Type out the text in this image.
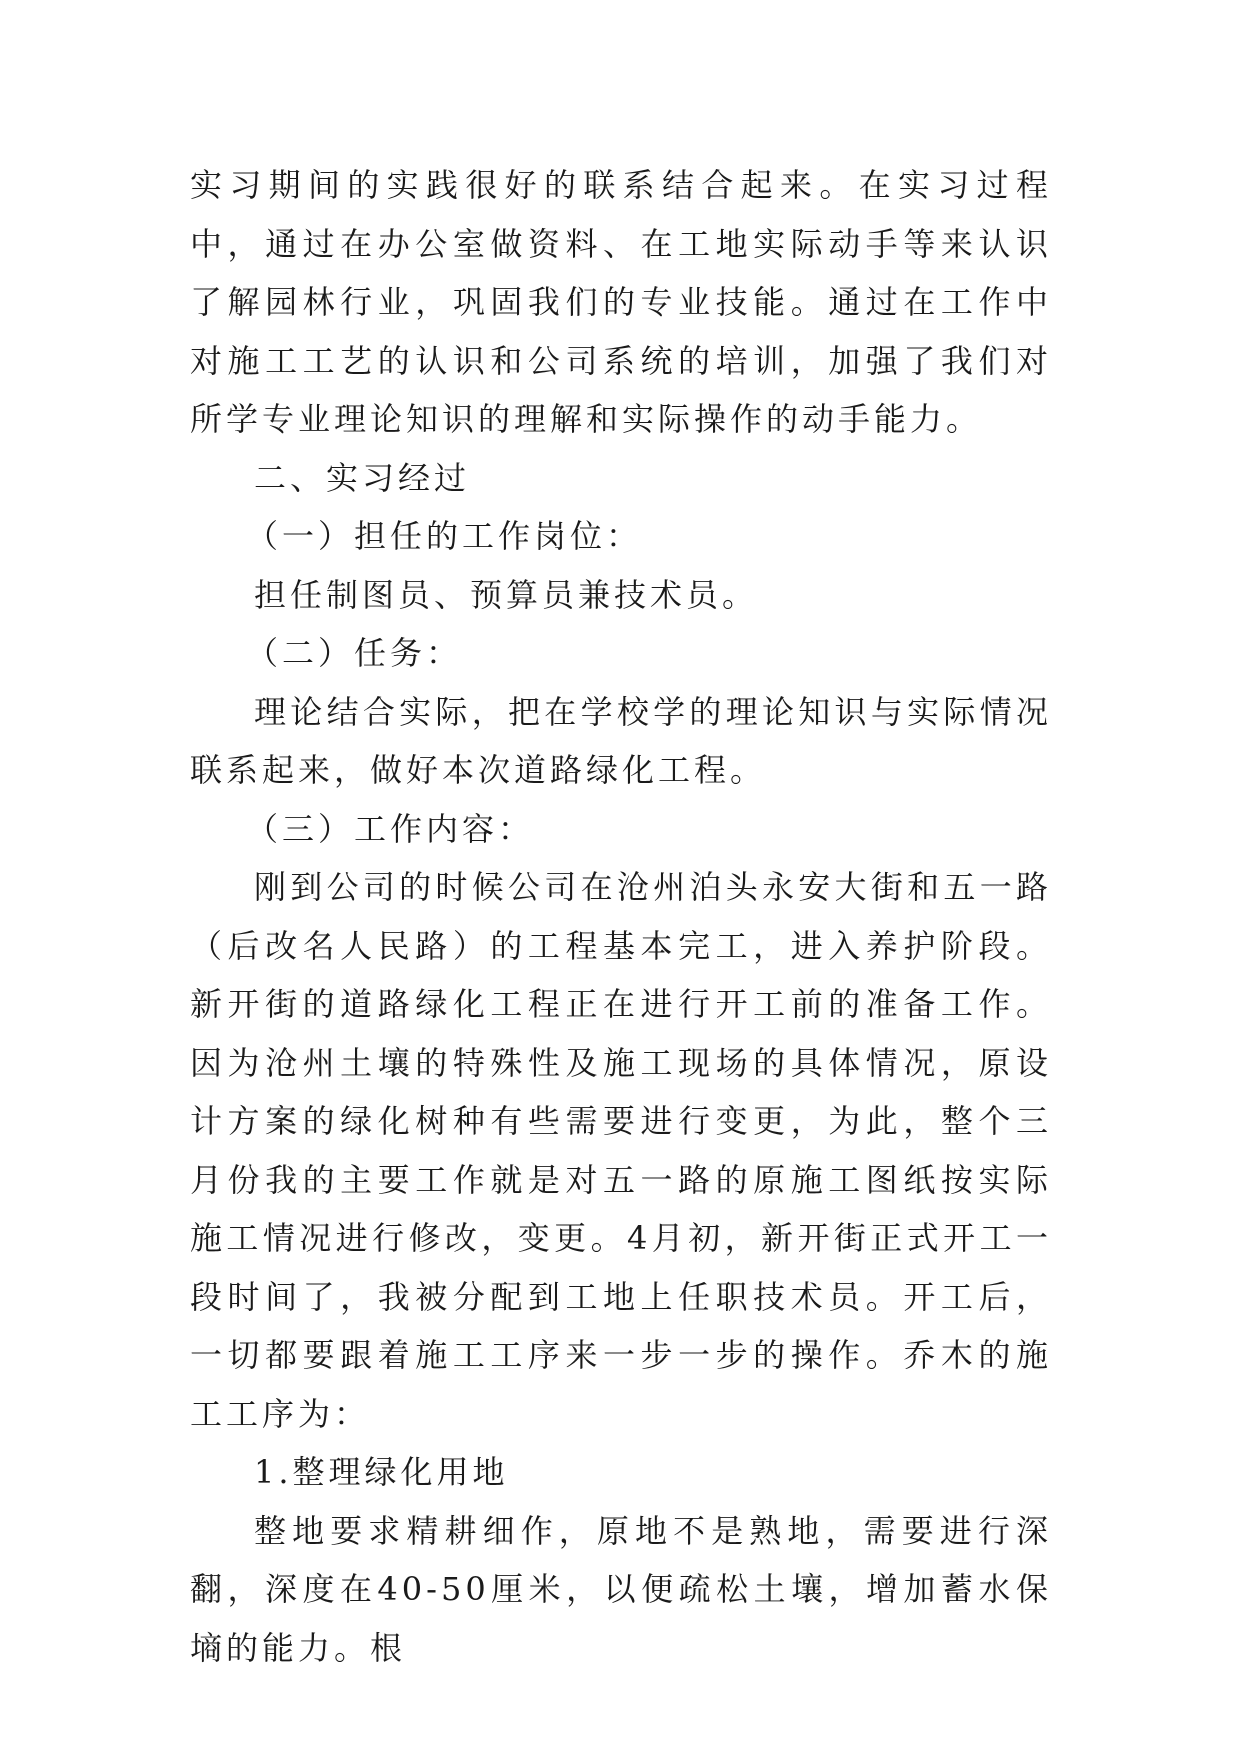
实习期间的实践很好的联系结合起来。在实习过程中，通过在办公室做资料、在工地实际动手等来认识了解园林行业，巩固我们的专业技能。通过在工作中对施工工艺的认识和公司系统的培训，加强了我们对所学专业理论知识的理解和实际操作的动手能力。

二、实习经过

（一）担任的工作岗位：

担任制图员、预算员兼技术员。

（二）任务：

理论结合实际，把在学校学的理论知识与实际情况联系起来，做好本次道路绿化工程。

（三）工作内容：

刚到公司的时候公司在沧州泊头永安大街和五一路（后改名人民路）的工程基本完工，进入养护阶段。新开街的道路绿化工程正在进行开工前的准备工作。因为沧州土壤的特殊性及施工现场的具体情况，原设计方案的绿化树种有些需要进行变更，为此，整个三月份我的主要工作就是对五一路的原施工图纸按实际施工情况进行修改，变更。4月初，新开街正式开工一段时间了，我被分配到工地上任职技术员。开工后，一切都要跟着施工工序来一步一步的操作。乔木的施工工序为：

1.整理绿化用地

整地要求精耕细作，原地不是熟地，需要进行深翻，深度在40-50厘米，以便疏松土壤，增加蓄水保墒的能力。根
